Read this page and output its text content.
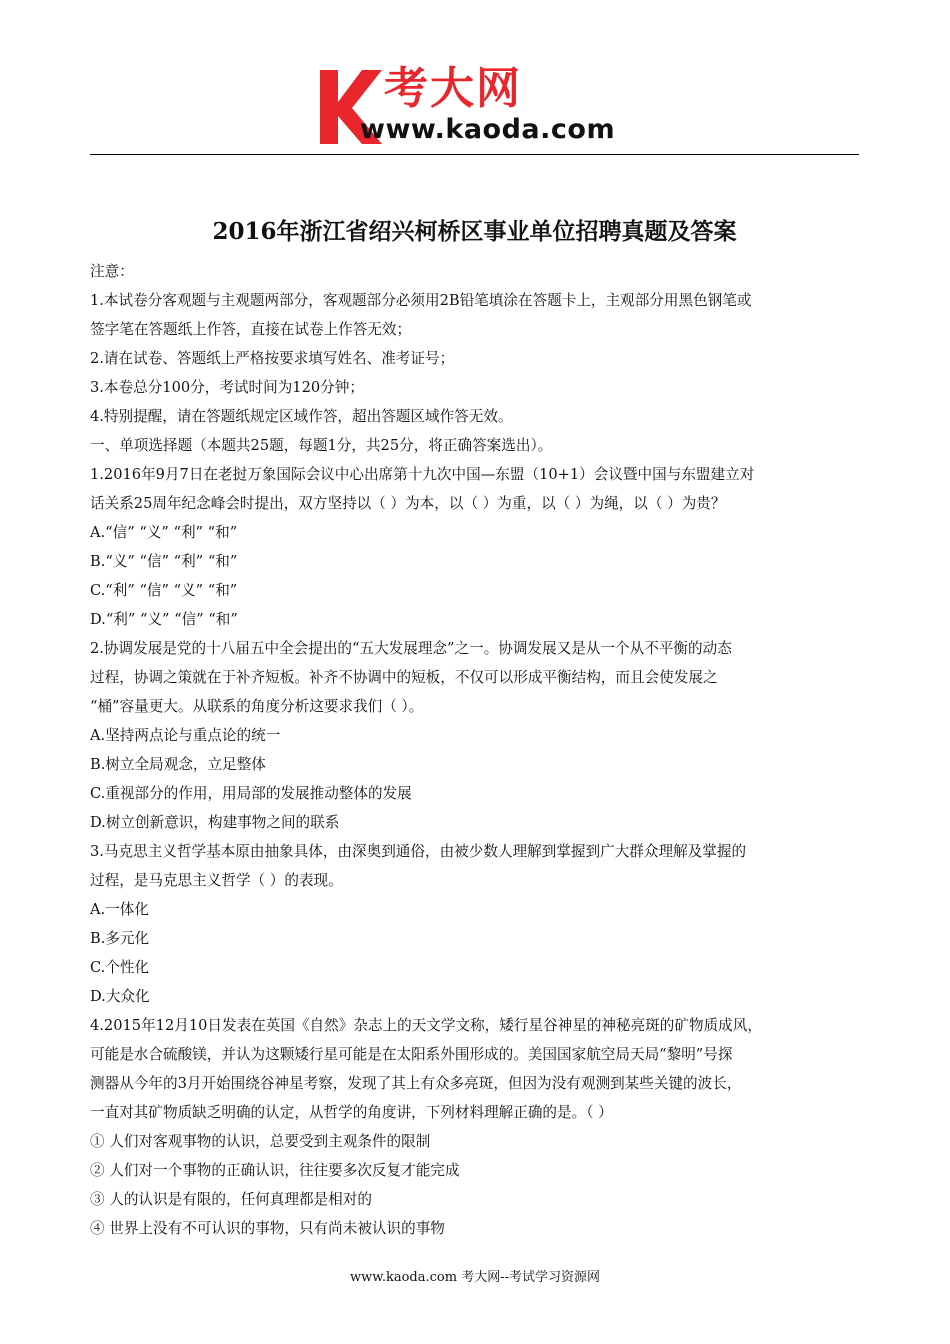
考大网
www.kaoda.com
2016年浙江省绍兴柯桥区事业单位招聘真题及答案

注意：

1.本试卷分客观题与主观题两部分，客观题部分必须用2B铅笔填涂在答题卡上，主观部分用黑色钢笔或

签字笔在答题纸上作答，直接在试卷上作答无效；

2.请在试卷、答题纸上严格按要求填写姓名、准考证号；

3.本卷总分100分，考试时间为120分钟；

4.特别提醒，请在答题纸规定区域作答，超出答题区域作答无效。

一、单项选择题（本题共25题，每题1分，共25分，将正确答案选出）。

1.2016年9月7日在老挝万象国际会议中心出席第十九次中国—东盟（10+1）会议暨中国与东盟建立对

话关系25周年纪念峰会时提出，双方坚持以（ ）为本，以（ ）为重，以（ ）为绳，以（ ）为贵？

A.“信” “义” “利” “和”

B.“义” “信” “利” “和”

C.“利” “信” “义” “和”

D.“利” “义” “信” “和”

2.协调发展是党的十八届五中全会提出的“五大发展理念”之一。协调发展又是从一个从不平衡的动态

过程，协调之策就在于补齐短板。补齐不协调中的短板，不仅可以形成平衡结构，而且会使发展之

“桶”容量更大。从联系的角度分析这要求我们（ ）。

A.坚持两点论与重点论的统一

B.树立全局观念，立足整体

C.重视部分的作用，用局部的发展推动整体的发展

D.树立创新意识，构建事物之间的联系

3.马克思主义哲学基本原由抽象具体，由深奥到通俗，由被少数人理解到掌握到广大群众理解及掌握的

过程，是马克思主义哲学（ ）的表现。

A.一体化

B.多元化

C.个性化

D.大众化

4.2015年12月10日发表在英国《自然》杂志上的天文学文称，矮行星谷神星的神秘亮斑的矿物质成风，

可能是水合硫酸镁，并认为这颗矮行星可能是在太阳系外围形成的。美国国家航空局天局“黎明”号探

测器从今年的3月开始围绕谷神星考察，发现了其上有众多亮斑，但因为没有观测到某些关键的波长，

一直对其矿物质缺乏明确的认定，从哲学的角度讲，下列材料理解正确的是。（ ）

① 人们对客观事物的认识，总要受到主观条件的限制

② 人们对一个事物的正确认识，往往要多次反复才能完成

③ 人的认识是有限的，任何真理都是相对的

④ 世界上没有不可认识的事物，只有尚未被认识的事物

www.kaoda.com 考大网--考试学习资源网
